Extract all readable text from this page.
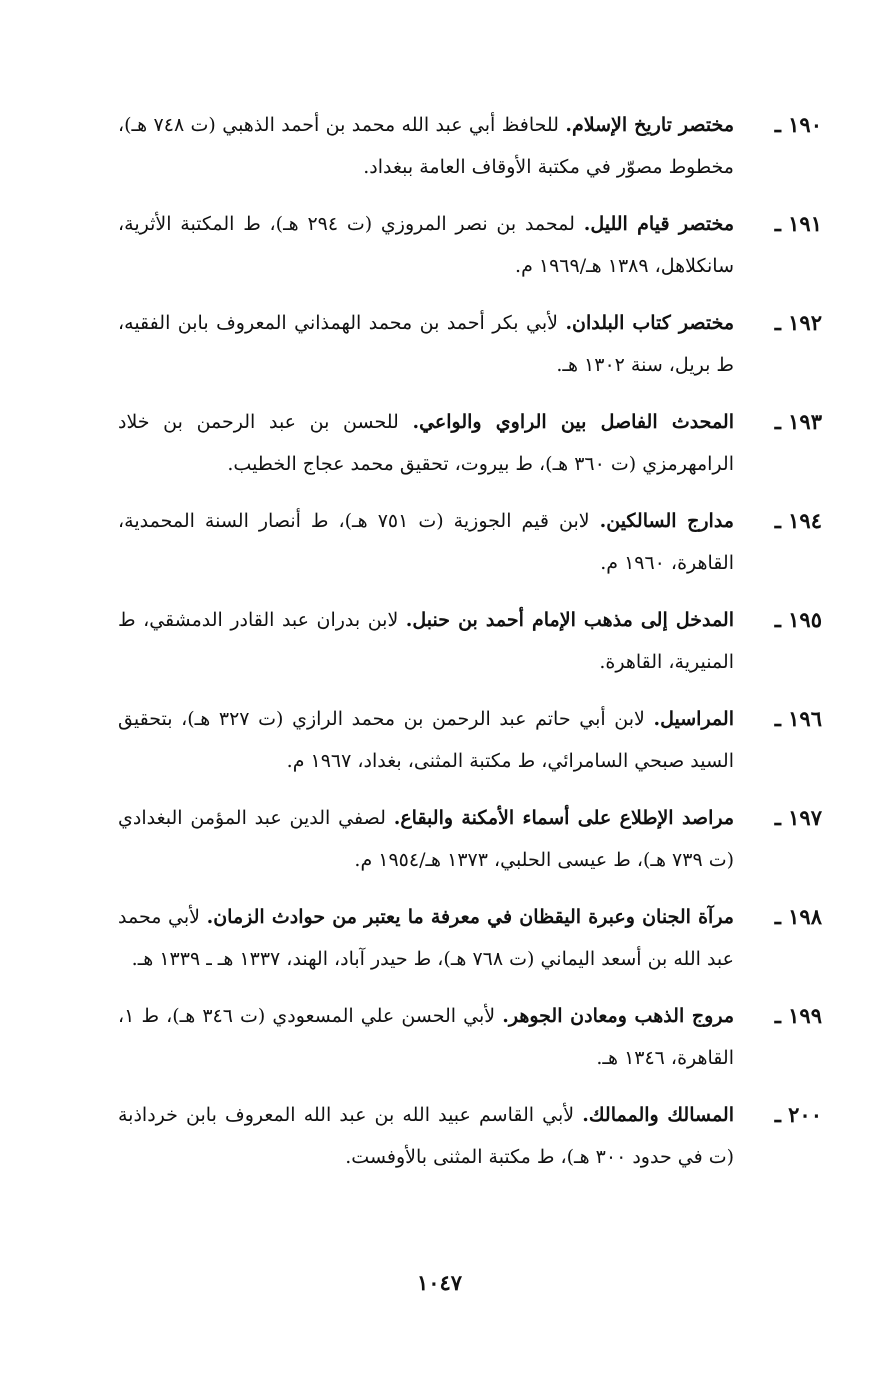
١٩٠ ـ
مختصر تاريخ الإسلام. للحافظ أبي عبد الله محمد بن أحمد الذهبي (ت ٧٤٨ هـ)، مخطوط مصوّر في مكتبة الأوقاف العامة ببغداد.
١٩١ ـ
مختصر قيام الليل. لمحمد بن نصر المروزي (ت ٢٩٤ هـ)، ط المكتبة الأثرية، سانكلاهل، ١٣٨٩ هـ/١٩٦٩ م.
١٩٢ ـ
مختصر كتاب البلدان. لأبي بكر أحمد بن محمد الهمذاني المعروف بابن الفقيه، ط بريل، سنة ١٣٠٢ هـ.
١٩٣ ـ
المحدث الفاصل بين الراوي والواعي. للحسن بن عبد الرحمن بن خلاد الرامهرمزي (ت ٣٦٠ هـ)، ط بيروت، تحقيق محمد عجاج الخطيب.
١٩٤ ـ
مدارج السالكين. لابن قيم الجوزية (ت ٧٥١ هـ)، ط أنصار السنة المحمدية، القاهرة، ١٩٦٠ م.
١٩٥ ـ
المدخل إلى مذهب الإمام أحمد بن حنبل. لابن بدران عبد القادر الدمشقي، ط المنيرية، القاهرة.
١٩٦ ـ
المراسيل. لابن أبي حاتم عبد الرحمن بن محمد الرازي (ت ٣٢٧ هـ)، بتحقيق السيد صبحي السامرائي، ط مكتبة المثنى، بغداد، ١٩٦٧ م.
١٩٧ ـ
مراصد الإطلاع على أسماء الأمكنة والبقاع. لصفي الدين عبد المؤمن البغدادي (ت ٧٣٩ هـ)، ط عيسى الحلبي، ١٣٧٣ هـ/١٩٥٤ م.
١٩٨ ـ
مرآة الجنان وعبرة اليقظان في معرفة ما يعتبر من حوادث الزمان. لأبي محمد عبد الله بن أسعد اليماني (ت ٧٦٨ هـ)، ط حيدر آباد، الهند، ١٣٣٧ هـ ـ ١٣٣٩ هـ.
١٩٩ ـ
مروج الذهب ومعادن الجوهر. لأبي الحسن علي المسعودي (ت ٣٤٦ هـ)، ط ١، القاهرة، ١٣٤٦ هـ.
٢٠٠ ـ
المسالك والممالك. لأبي القاسم عبيد الله بن عبد الله المعروف بابن خرداذبة (ت في حدود ٣٠٠ هـ)، ط مكتبة المثنى بالأوفست.
١٠٤٧
